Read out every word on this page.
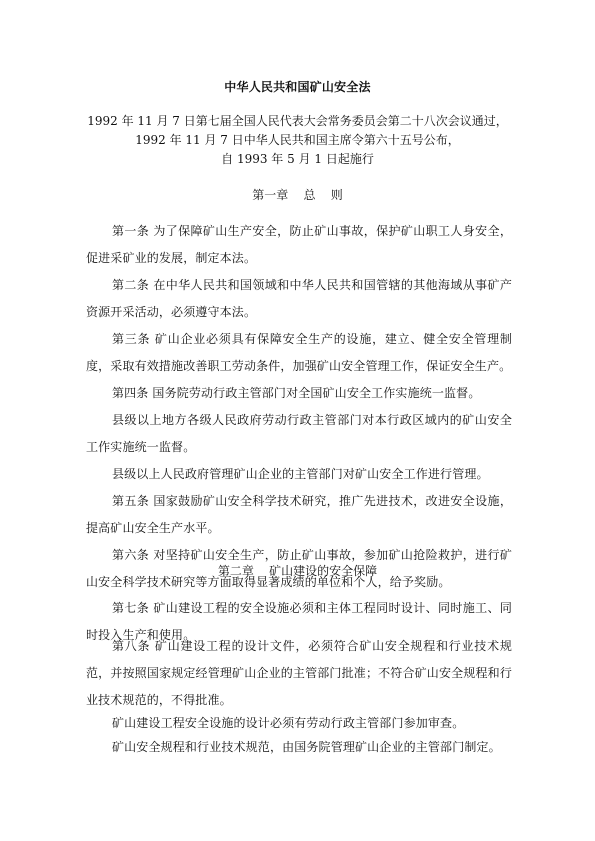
中华人民共和国矿山安全法
1992 年 11 月 7 日第七届全国人民代表大会常务委员会第二十八次会议通过，
1992 年 11 月 7 日中华人民共和国主席令第六十五号公布，
自 1993 年 5 月 1 日起施行
第一章    总    则
第一条 为了保障矿山生产安全，防止矿山事故，保护矿山职工人身安全，促进采矿业的发展，制定本法。
第二条 在中华人民共和国领域和中华人民共和国管辖的其他海域从事矿产资源开采活动，必须遵守本法。
第三条 矿山企业必须具有保障安全生产的设施，建立、健全安全管理制度，采取有效措施改善职工劳动条件，加强矿山安全管理工作，保证安全生产。
第四条 国务院劳动行政主管部门对全国矿山安全工作实施统一监督。
县级以上地方各级人民政府劳动行政主管部门对本行政区域内的矿山安全工作实施统一监督。
县级以上人民政府管理矿山企业的主管部门对矿山安全工作进行管理。
第五条 国家鼓励矿山安全科学技术研究，推广先进技术，改进安全设施，提高矿山安全生产水平。
第六条 对坚持矿山安全生产，防止矿山事故，参加矿山抢险救护，进行矿山安全科学技术研究等方面取得显著成绩的单位和个人，给予奖励。
第二章    矿山建设的安全保障
第七条 矿山建设工程的安全设施必须和主体工程同时设计、同时施工、同时投入生产和使用。
第八条 矿山建设工程的设计文件，必须符合矿山安全规程和行业技术规范，并按照国家规定经管理矿山企业的主管部门批准；不符合矿山安全规程和行业技术规范的，不得批准。
矿山建设工程安全设施的设计必须有劳动行政主管部门参加审查。
矿山安全规程和行业技术规范，由国务院管理矿山企业的主管部门制定。
